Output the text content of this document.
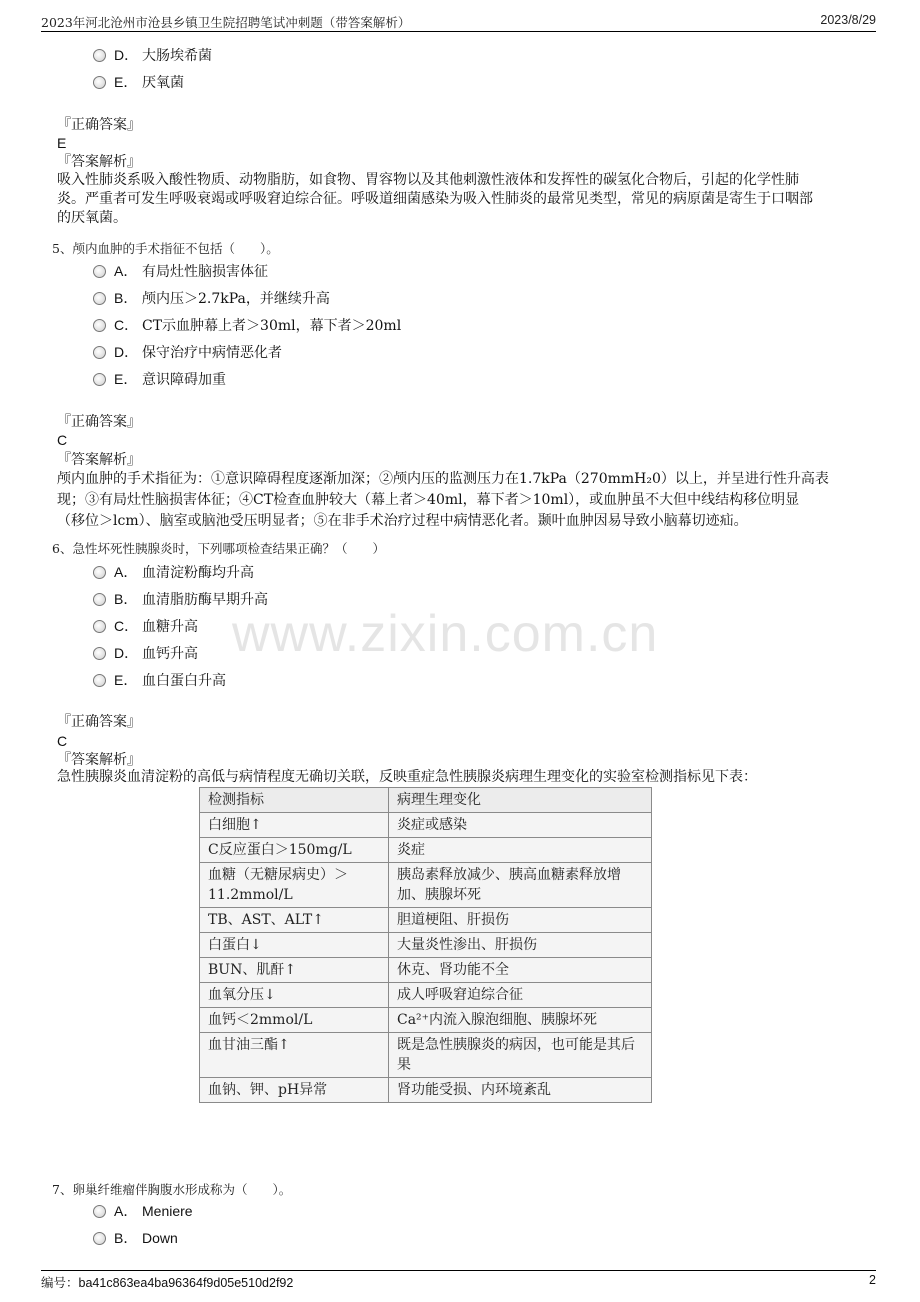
2023年河北沧州市沧县乡镇卫生院招聘笔试冲刺题（带答案解析）	2023/8/29
www.zixin.com.cn
D． 大肠埃希菌
E． 厌氧菌
『正确答案』
E
『答案解析』

吸入性肺炎系吸入酸性物质、动物脂肪，如食物、胃容物以及其他刺激性液体和发挥性的碳氢化合物后，引起的化学性肺

炎。严重者可发生呼吸衰竭或呼吸窘迫综合征。呼吸道细菌感染为吸入性肺炎的最常见类型，常见的病原菌是寄生于口咽部

的厌氧菌。

5、颅内血肿的手术指征不包括（　　）。
A． 有局灶性脑损害体征
B． 颅内压＞2.7kPa，并继续升高
C． CT示血肿幕上者＞30ml，幕下者＞20ml
D． 保守治疗中病情恶化者
E． 意识障碍加重
『正确答案』
C
『答案解析』

颅内血肿的手术指征为：①意识障碍程度逐渐加深；②颅内压的监测压力在1.7kPa（270mmH₂0）以上，并呈进行性升高表

现；③有局灶性脑损害体征；④CT检查血肿较大（幕上者＞40ml，幕下者＞10ml），或血肿虽不大但中线结构移位明显

（移位＞lcm）、脑室或脑池受压明显者；⑤在非手术治疗过程中病情恶化者。颞叶血肿因易导致小脑幕切迹疝。

6、急性坏死性胰腺炎时，下列哪项检查结果正确？（　　）
A． 血清淀粉酶均升高
B． 血清脂肪酶早期升高
C． 血糖升高
D． 血钙升高
E． 血白蛋白升高
『正确答案』
C
『答案解析』

急性胰腺炎血清淀粉的高低与病情程度无确切关联，反映重症急性胰腺炎病理生理变化的实验室检测指标见下表：

检测指标	病理生理变化
白细胞↑	炎症或感染
C反应蛋白＞150mg/L	炎症
血糖（无糖尿病史）＞11.2mmol/L	胰岛素释放减少、胰高血糖素释放增加、胰腺坏死
TB、AST、ALT↑	胆道梗阻、肝损伤
白蛋白↓	大量炎性渗出、肝损伤
BUN、肌酐↑	休克、肾功能不全
血氧分压↓	成人呼吸窘迫综合征
血钙＜2mmol/L	Ca²⁺内流入腺泡细胞、胰腺坏死
血甘油三酯↑	既是急性胰腺炎的病因，也可能是其后果
血钠、钾、pH异常	肾功能受损、内环境紊乱
7、卵巢纤维瘤伴胸腹水形成称为（　　）。
A． Meniere
B． Down
编号：ba41c863ea4ba96364f9d05e510d2f92	2
